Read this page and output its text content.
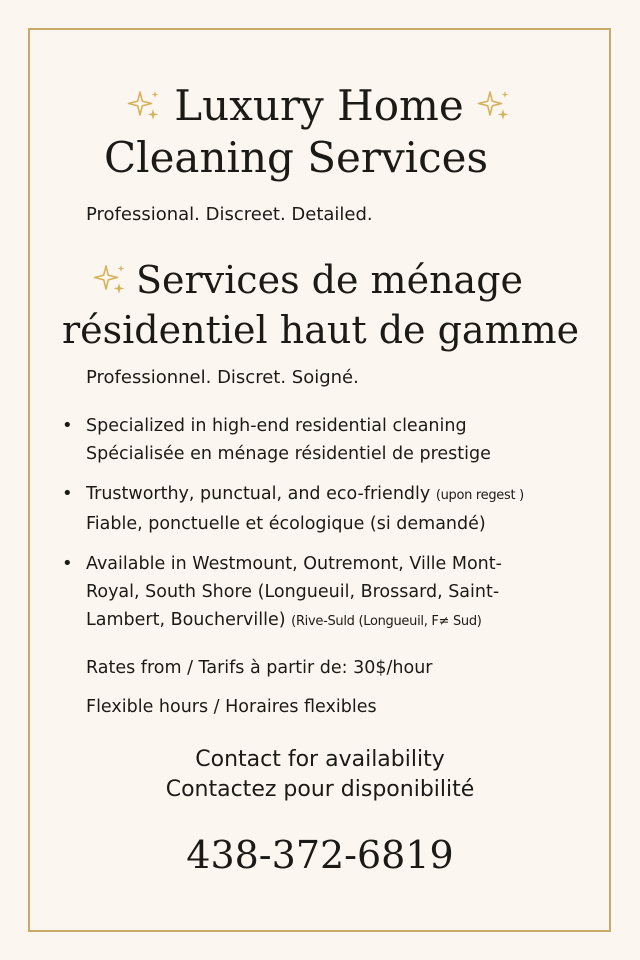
Luxury Home
Cleaning Services
Professional. Discreet. Detailed.
Services de ménage
résidentiel haut de gamme
Professionnel. Discret. Soigné.
• Specialized in high-end residential cleaning
Spécialisée en ménage résidentiel de prestige
• Trustworthy, punctual, and eco-friendly (upon regest ͏)
Fiable, ponctuelle et écologique (si demandé)
• Available in Westmount, Outremont, Ville Mont-
Royal, South Shore (Longueuil, Brossard, Saint-
Lambert, Boucherville) (Rive-Suld (Longueuil, F≠ Sud)
Rates from / Tarifs à partir de: 30$/hour
Flexible hours / Horaires flexibles
Contact for availability
Contactez pour disponibilité
438-372-6819
